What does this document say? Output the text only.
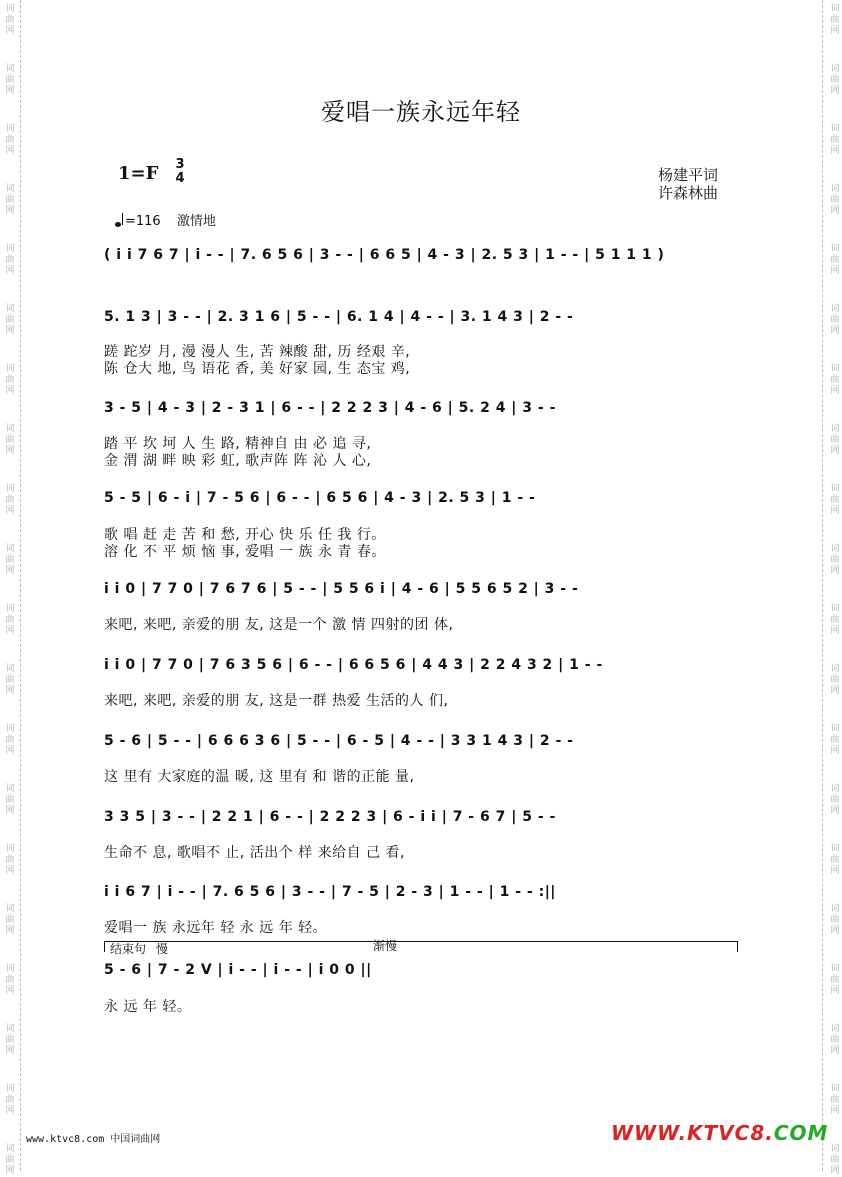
词
曲
网
词
曲
网
词
曲
网
词
曲
网
词
曲
网
词
曲
网
词
曲
网
词
曲
网
词
曲
网
词
曲
网
词
曲
网
词
曲
网
词
曲
网
词
曲
网
词
曲
网
词
曲
网
词
曲
网
词
曲
网
词
曲
网
词
曲
网
词
曲
网
词
曲
网
词
曲
网
词
曲
网
词
曲
网
词
曲
网
词
曲
网
词
曲
网
词
曲
网
词
曲
网
词
曲
网
词
曲
网
词
曲
网
词
曲
网
词
曲
网
词
曲
网
词
曲
网
词
曲
网
词
曲
网
词
曲
网
爱唱一族永远年轻
1=F 3
4	杨建平词
许森林曲
=116 激情地
( i i 7 6 7 | i - - | 7. 6 5 6 | 3 - - | 6 6 5 | 4 - 3 | 2. 5 3 | 1 - - | 5 1 1 1 )
5. 1 3 | 3 - - | 2. 3 1 6 | 5 - - | 6. 1 4 | 4 - - | 3. 1 4 3 | 2 - -
蹉 跎岁 月, 漫 漫人 生, 苦 辣酸 甜, 历 经艰 辛,
陈 仓大 地, 鸟 语花 香, 美 好家 园, 生 态宝 鸡,
3 - 5 | 4 - 3 | 2 - 3 1 | 6 - - | 2 2 2 3 | 4 - 6 | 5. 2 4 | 3 - -
踏 平 坎 坷 人 生 路, 精神自 由 必 追 寻,
金 渭 湖 畔 映 彩 虹, 歌声阵 阵 沁 人 心,
5 - 5 | 6 - i | 7 - 5 6 | 6 - - | 6 5 6 | 4 - 3 | 2. 5 3 | 1 - -
歌 唱 赶 走 苦 和 愁, 开心 快 乐 任 我 行。
溶 化 不 平 烦 恼 事, 爱唱 一 族 永 青 春。
i i 0 | 7 7 0 | 7 6 7 6 | 5 - - | 5 5 6 i | 4 - 6 | 5 5 6 5 2 | 3 - -
来吧, 来吧, 亲爱的朋 友, 这是一个 激 情 四射的团 体,
i i 0 | 7 7 0 | 7 6 3 5 6 | 6 - - | 6 6 5 6 | 4 4 3 | 2 2 4 3 2 | 1 - -
来吧, 来吧, 亲爱的朋 友, 这是一群 热爱 生活的人 们,
5 - 6 | 5 - - | 6 6 6 3 6 | 5 - - | 6 - 5 | 4 - - | 3 3 1 4 3 | 2 - -
这 里有 大家庭的温 暖, 这 里有 和 谐的正能 量,
3 3 5 | 3 - - | 2 2 1 | 6 - - | 2 2 2 3 | 6 - i i | 7 - 6 7 | 5 - -
生命不 息, 歌唱不 止, 活出个 样 来给自 己 看,
i i 6 7 | i - - | 7. 6 5 6 | 3 - - | 7 - 5 | 2 - 3 | 1 - - | 1 - - :||
爱唱一 族 永远年 轻 永 远 年 轻。
结束句 慢	渐慢
5 - 6 | 7 - 2 V | i - - | i - - | i 0 0 ||
永 远 年 轻。
www.ktvc8.com 中国词曲网	WWW.KTVC8.COM
